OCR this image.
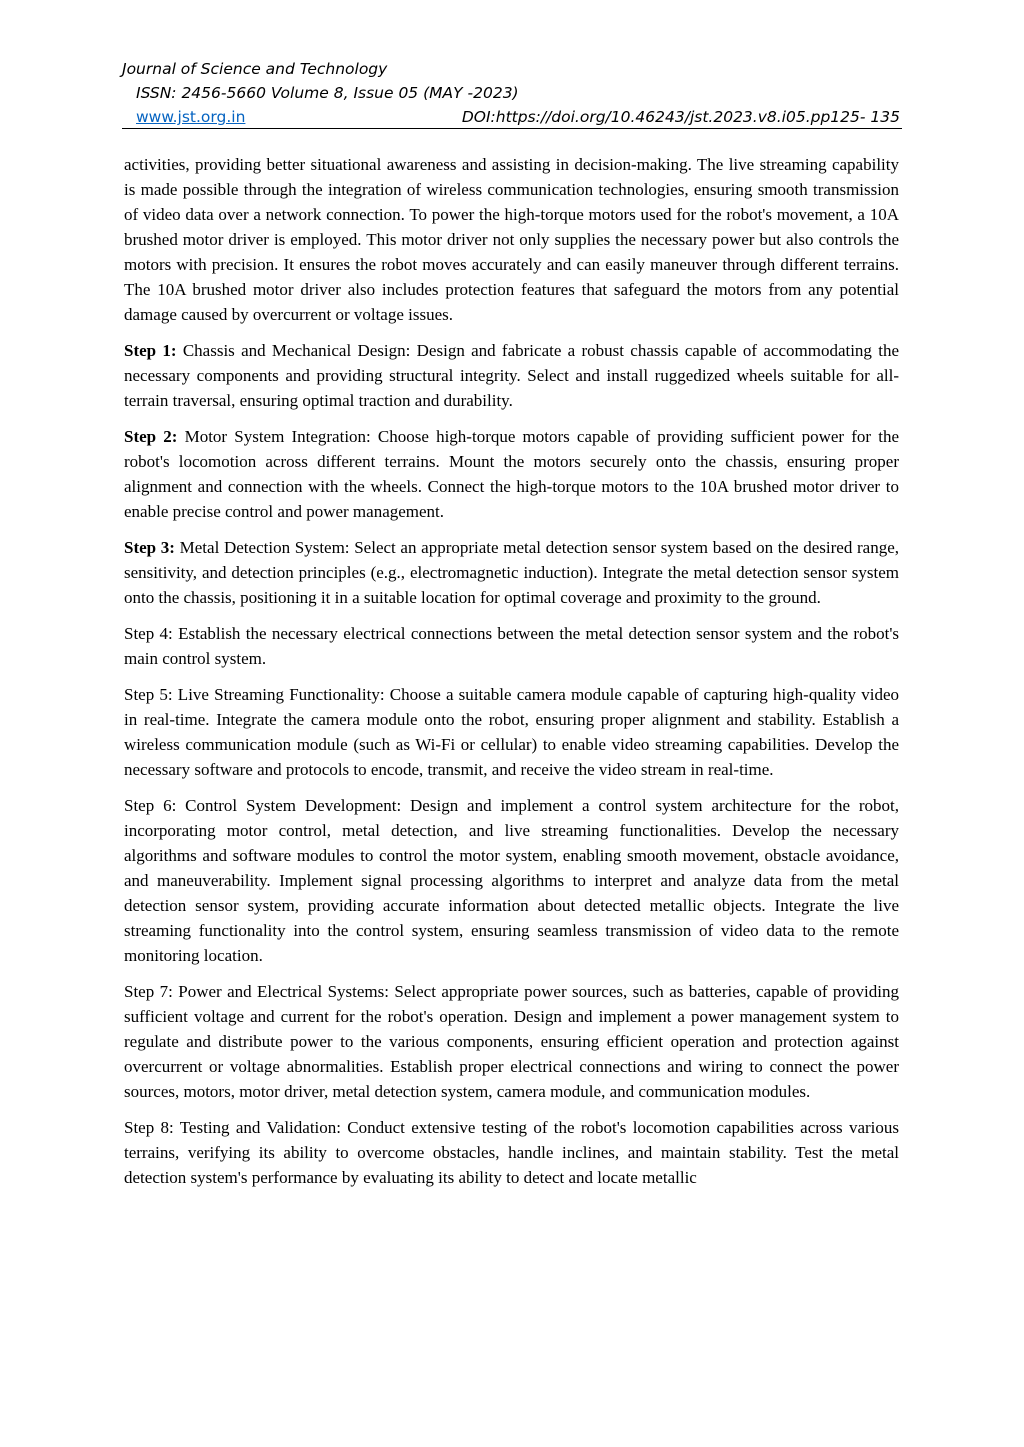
Journal of Science and Technology
ISSN: 2456-5660 Volume 8, Issue 05 (MAY -2023)
www.jst.org.in	DOI:https://doi.org/10.46243/jst.2023.v8.i05.pp125- 135

activities, providing better situational awareness and assisting in decision-making. The live streaming capability is made possible through the integration of wireless communication technologies, ensuring smooth transmission of video data over a network connection. To power the high-torque motors used for the robot's movement, a 10A brushed motor driver is employed. This motor driver not only supplies the necessary power but also controls the motors with precision. It ensures the robot moves accurately and can easily maneuver through different terrains. The 10A brushed motor driver also includes protection features that safeguard the motors from any potential damage caused by overcurrent or voltage issues.

Step 1: Chassis and Mechanical Design: Design and fabricate a robust chassis capable of accommodating the necessary components and providing structural integrity. Select and install ruggedized wheels suitable for all-terrain traversal, ensuring optimal traction and durability.

Step 2: Motor System Integration: Choose high-torque motors capable of providing sufficient power for the robot's locomotion across different terrains. Mount the motors securely onto the chassis, ensuring proper alignment and connection with the wheels. Connect the high-torque motors to the 10A brushed motor driver to enable precise control and power management.

Step 3: Metal Detection System: Select an appropriate metal detection sensor system based on the desired range, sensitivity, and detection principles (e.g., electromagnetic induction). Integrate the metal detection sensor system onto the chassis, positioning it in a suitable location for optimal coverage and proximity to the ground.

Step 4: Establish the necessary electrical connections between the metal detection sensor system and the robot's main control system.

Step 5: Live Streaming Functionality: Choose a suitable camera module capable of capturing high-quality video in real-time. Integrate the camera module onto the robot, ensuring proper alignment and stability. Establish a wireless communication module (such as Wi-Fi or cellular) to enable video streaming capabilities. Develop the necessary software and protocols to encode, transmit, and receive the video stream in real-time.

Step 6: Control System Development: Design and implement a control system architecture for the robot, incorporating motor control, metal detection, and live streaming functionalities. Develop the necessary algorithms and software modules to control the motor system, enabling smooth movement, obstacle avoidance, and maneuverability. Implement signal processing algorithms to interpret and analyze data from the metal detection sensor system, providing accurate information about detected metallic objects. Integrate the live streaming functionality into the control system, ensuring seamless transmission of video data to the remote monitoring location.

Step 7: Power and Electrical Systems: Select appropriate power sources, such as batteries, capable of providing sufficient voltage and current for the robot's operation. Design and implement a power management system to regulate and distribute power to the various components, ensuring efficient operation and protection against overcurrent or voltage abnormalities. Establish proper electrical connections and wiring to connect the power sources, motors, motor driver, metal detection system, camera module, and communication modules.

Step 8: Testing and Validation: Conduct extensive testing of the robot's locomotion capabilities across various terrains, verifying its ability to overcome obstacles, handle inclines, and maintain stability. Test the metal detection system's performance by evaluating its ability to detect and locate metallic
